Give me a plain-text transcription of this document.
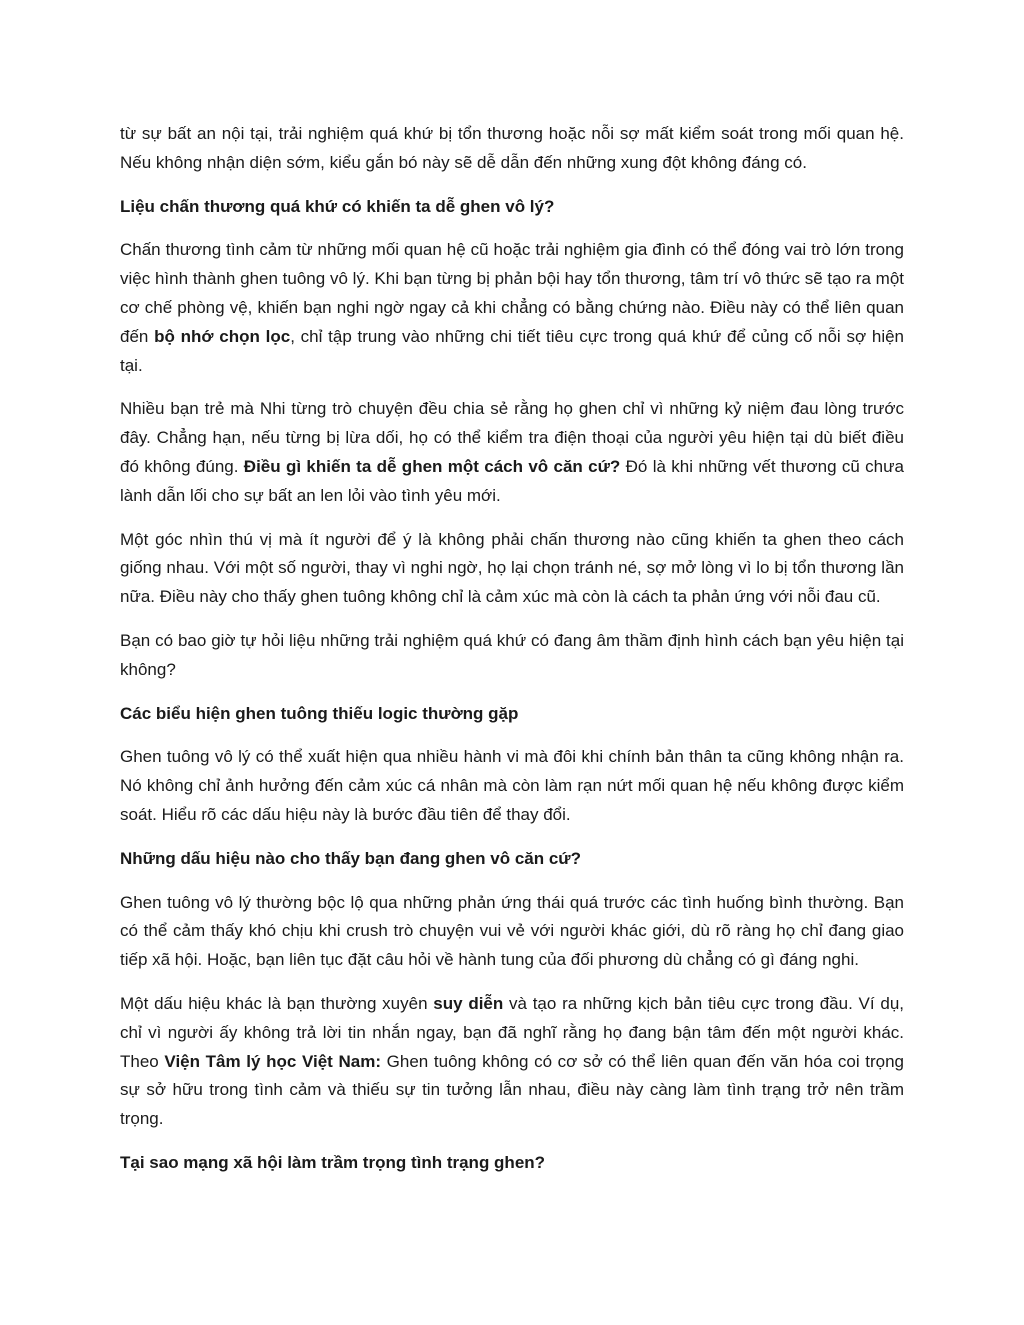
từ sự bất an nội tại, trải nghiệm quá khứ bị tổn thương hoặc nỗi sợ mất kiểm soát trong mối quan hệ. Nếu không nhận diện sớm, kiểu gắn bó này sẽ dễ dẫn đến những xung đột không đáng có.

Liệu chấn thương quá khứ có khiến ta dễ ghen vô lý?

Chấn thương tình cảm từ những mối quan hệ cũ hoặc trải nghiệm gia đình có thể đóng vai trò lớn trong việc hình thành ghen tuông vô lý. Khi bạn từng bị phản bội hay tổn thương, tâm trí vô thức sẽ tạo ra một cơ chế phòng vệ, khiến bạn nghi ngờ ngay cả khi chẳng có bằng chứng nào. Điều này có thể liên quan đến bộ nhớ chọn lọc, chỉ tập trung vào những chi tiết tiêu cực trong quá khứ để củng cố nỗi sợ hiện tại.

Nhiều bạn trẻ mà Nhi từng trò chuyện đều chia sẻ rằng họ ghen chỉ vì những kỷ niệm đau lòng trước đây. Chẳng hạn, nếu từng bị lừa dối, họ có thể kiểm tra điện thoại của người yêu hiện tại dù biết điều đó không đúng. Điều gì khiến ta dễ ghen một cách vô căn cứ? Đó là khi những vết thương cũ chưa lành dẫn lối cho sự bất an len lỏi vào tình yêu mới.

Một góc nhìn thú vị mà ít người để ý là không phải chấn thương nào cũng khiến ta ghen theo cách giống nhau. Với một số người, thay vì nghi ngờ, họ lại chọn tránh né, sợ mở lòng vì lo bị tổn thương lần nữa. Điều này cho thấy ghen tuông không chỉ là cảm xúc mà còn là cách ta phản ứng với nỗi đau cũ.

Bạn có bao giờ tự hỏi liệu những trải nghiệm quá khứ có đang âm thầm định hình cách bạn yêu hiện tại không?

Các biểu hiện ghen tuông thiếu logic thường gặp

Ghen tuông vô lý có thể xuất hiện qua nhiều hành vi mà đôi khi chính bản thân ta cũng không nhận ra. Nó không chỉ ảnh hưởng đến cảm xúc cá nhân mà còn làm rạn nứt mối quan hệ nếu không được kiểm soát. Hiểu rõ các dấu hiệu này là bước đầu tiên để thay đổi.

Những dấu hiệu nào cho thấy bạn đang ghen vô căn cứ?

Ghen tuông vô lý thường bộc lộ qua những phản ứng thái quá trước các tình huống bình thường. Bạn có thể cảm thấy khó chịu khi crush trò chuyện vui vẻ với người khác giới, dù rõ ràng họ chỉ đang giao tiếp xã hội. Hoặc, bạn liên tục đặt câu hỏi về hành tung của đối phương dù chẳng có gì đáng nghi.

Một dấu hiệu khác là bạn thường xuyên suy diễn và tạo ra những kịch bản tiêu cực trong đầu. Ví dụ, chỉ vì người ấy không trả lời tin nhắn ngay, bạn đã nghĩ rằng họ đang bận tâm đến một người khác. Theo Viện Tâm lý học Việt Nam: Ghen tuông không có cơ sở có thể liên quan đến văn hóa coi trọng sự sở hữu trong tình cảm và thiếu sự tin tưởng lẫn nhau, điều này càng làm tình trạng trở nên trầm trọng.

Tại sao mạng xã hội làm trầm trọng tình trạng ghen?
